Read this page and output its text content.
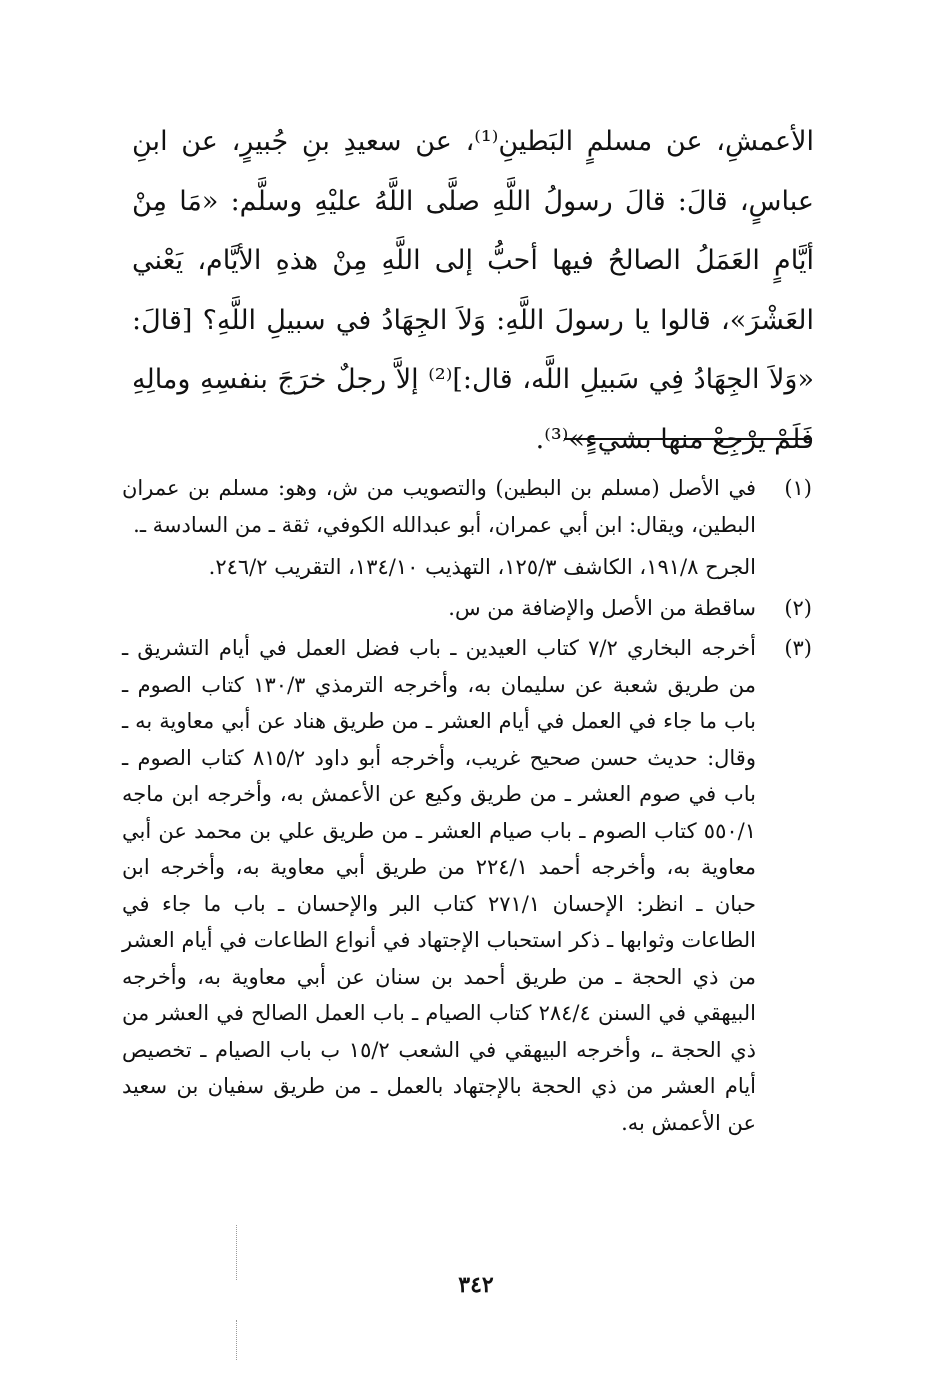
الأعمشِ، عن مسلمٍ البَطينِ⁽¹⁾، عن سعيدِ بنِ جُبيرٍ، عن ابنِ عباسٍ، قالَ: قالَ رسولُ اللَّهِ صلَّى اللَّهُ عليْهِ وسلَّم: «مَا مِنْ أيَّامٍ العَمَلُ الصالحُ فيها أحبُّ إلى اللَّهِ مِنْ هذهِ الأيَّام، يَعْني العَشْرَ»، قالوا يا رسولَ اللَّهِ: وَلاَ الجِهَادُ في سبيلِ اللَّهِ؟ [قالَ: «وَلاَ الجِهَادُ فِي سَبيلِ اللَّه، قال:]⁽²⁾ إلاَّ رجلٌ خرَجَ بنفسِهِ ومالِهِ فَلَمْ يرْجِعْ منها بشيءٍ»⁽³⁾.

(١)

في الأصل (مسلم بن البطين) والتصويب من ش، وهو: مسلم بن عمران البطين، ويقال: ابن أبي عمران، أبو عبدالله الكوفي، ثقة ـ من السادسة ـ.

الجرح ١٩١/٨، الكاشف ١٢٥/٣، التهذيب ١٣٤/١٠، التقريب ٢٤٦/٢.

(٢)

ساقطة من الأصل والإضافة من س.

(٣)

أخرجه البخاري ٧/٢ كتاب العيدين ـ باب فضل العمل في أيام التشريق ـ من طريق شعبة عن سليمان به، وأخرجه الترمذي ١٣٠/٣ كتاب الصوم ـ باب ما جاء في العمل في أيام العشر ـ من طريق هناد عن أبي معاوية به ـ وقال: حديث حسن صحيح غريب، وأخرجه أبو داود ٨١٥/٢ كتاب الصوم ـ باب في صوم العشر ـ من طريق وكيع عن الأعمش به، وأخرجه ابن ماجه ٥٥٠/١ كتاب الصوم ـ باب صيام العشر ـ من طريق علي بن محمد عن أبي معاوية به، وأخرجه أحمد ٢٢٤/١ من طريق أبي معاوية به، وأخرجه ابن حبان ـ انظر: الإحسان ٢٧١/١ كتاب البر والإحسان ـ باب ما جاء في الطاعات وثوابها ـ ذكر استحباب الإجتهاد في أنواع الطاعات في أيام العشر من ذي الحجة ـ من طريق أحمد بن سنان عن أبي معاوية به، وأخرجه البيهقي في السنن ٢٨٤/٤ كتاب الصيام ـ باب العمل الصالح في العشر من ذي الحجة ـ، وأخرجه البيهقي في الشعب ١٥/٢ ب باب الصيام ـ تخصيص أيام العشر من ذي الحجة بالإجتهاد بالعمل ـ من طريق سفيان بن سعيد عن الأعمش به.

٣٤٢
